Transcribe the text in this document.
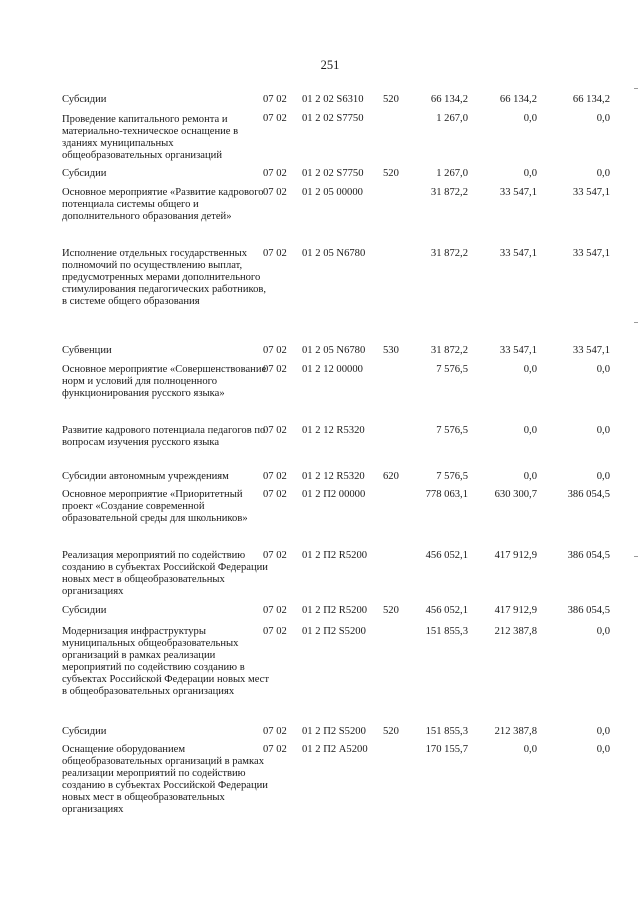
251
Субсидии	07 02 01 2 02 S6310 520	66 134,2	66 134,2	66 134,2
Проведение капитального ремонта и материально-техническое оснащение в зданиях муниципальных общеобразовательных организаций
07 02 01 2 02 S7750	1 267,0	0,0	0,0
Субсидии	07 02 01 2 02 S7750 520	1 267,0	0,0	0,0
Основное мероприятие «Развитие кадрового потенциала системы общего и дополнительного образования детей»
07 02 01 2 05 00000	31 872,2	33 547,1	33 547,1
Исполнение отдельных государственных полномочий по осуществлению выплат, предусмотренных мерами дополнительного стимулирования педагогических работников, в системе общего образования
07 02 01 2 05 N6780	31 872,2	33 547,1	33 547,1
Субвенции	07 02 01 2 05 N6780 530	31 872,2	33 547,1	33 547,1
Основное мероприятие «Совершенствование норм и условий для полноценного функционирования русского языка»
07 02 01 2 12 00000	7 576,5	0,0	0,0
Развитие кадрового потенциала педагогов по вопросам изучения русского языка
07 02 01 2 12 R5320	7 576,5	0,0	0,0
Субсидии автономным учреждениям	07 02 01 2 12 R5320 620	7 576,5	0,0	0,0
Основное мероприятие «Приоритетный проект «Создание современной образовательной среды для школьников»
07 02 01 2 П2 00000	778 063,1	630 300,7	386 054,5
Реализация мероприятий по содействию созданию в субъектах Российской Федерации новых мест в общеобразовательных организациях
07 02 01 2 П2 R5200	456 052,1	417 912,9	386 054,5
Субсидии	07 02 01 2 П2 R5200 520	456 052,1	417 912,9	386 054,5
Модернизация инфраструктуры муниципальных общеобразовательных организаций в рамках реализации мероприятий по содействию созданию в субъектах Российской Федерации новых мест в общеобразовательных организациях
07 02 01 2 П2 S5200	151 855,3	212 387,8	0,0
Субсидии	07 02 01 2 П2 S5200 520	151 855,3	212 387,8	0,0
Оснащение оборудованием общеобразовательных организаций в рамках реализации мероприятий по содействию созданию в субъектах Российской Федерации новых мест в общеобразовательных организациях
07 02 01 2 П2 А5200	170 155,7	0,0	0,0
